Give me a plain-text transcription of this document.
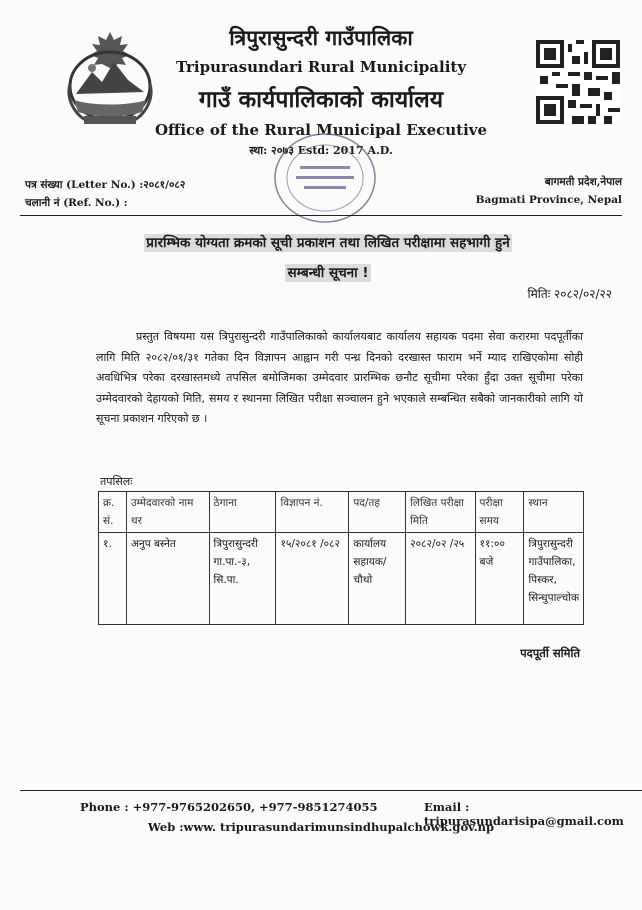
त्रिपुरासुन्दरी गाउँपालिका
Tripurasundari Rural Municipality
गाउँ कार्यपालिकाको कार्यालय
Office of the Rural Municipal Executive
स्था: २०७३ Estd: 2017 A.D.
पत्र संख्या (Letter No.) :२०८१/०८२
चलानी नं (Ref. No.) :
बागमती प्रदेश,नेपाल
Bagmati Province, Nepal
प्रारम्भिक योग्यता क्रमको सूची प्रकाशन तथा लिखित परीक्षामा सहभागी हुने
सम्बन्धी सूचना !
मितिः २०८२/०२/२२
प्रस्तुत विषयमा यस त्रिपुरासुन्दरी गाउँपालिकाको कार्यालयबाट कार्यालय सहायक पदमा सेवा करारमा पदपूर्तीका लागि मिति २०८२/०१/३१ गतेका दिन विज्ञापन आह्वान गरी पन्ध्र दिनको दरखास्त फाराम भर्ने म्याद राखिएकोमा सोही अवधिभित्र परेका दरखास्तमध्ये तपसिल बमोजिमका उम्मेदवार प्रारम्भिक छनौट सूचीमा परेका हुँदा उक्त सूचीमा परेका उम्मेदवारको देहायको मिति, समय र स्थानमा लिखित परीक्षा सञ्चालन हुने भएकाले सम्बन्धित सबैको जानकारीको लागि यो सूचना प्रकाशन गरिएको छ ।
तपसिलः
क्र. सं.	उम्मेदवारको नाम थर	ठेगाना	विज्ञापन नं.	पद/तह	लिखित परीक्षा मिति	परीक्षा समय	स्थान
१.	अनुप बस्नेत	त्रिपुरासुन्दरी गा.पा.-३, सि.पा.	१५/२०८१ /०८२	कार्यालय सहायक/ चौथो	२०८२/०२ /२५	११:०० बजे	त्रिपुरासुन्दरी गाउँपालिका, पिस्कर, सिन्धुपाल्चोक
पदपूर्ती समिति
Phone : +977-9765202650, +977-9851274055	Email : tripurasundarisipa@gmail.com
Web :www. tripurasundarimunsindhupalchowk.gov.np
